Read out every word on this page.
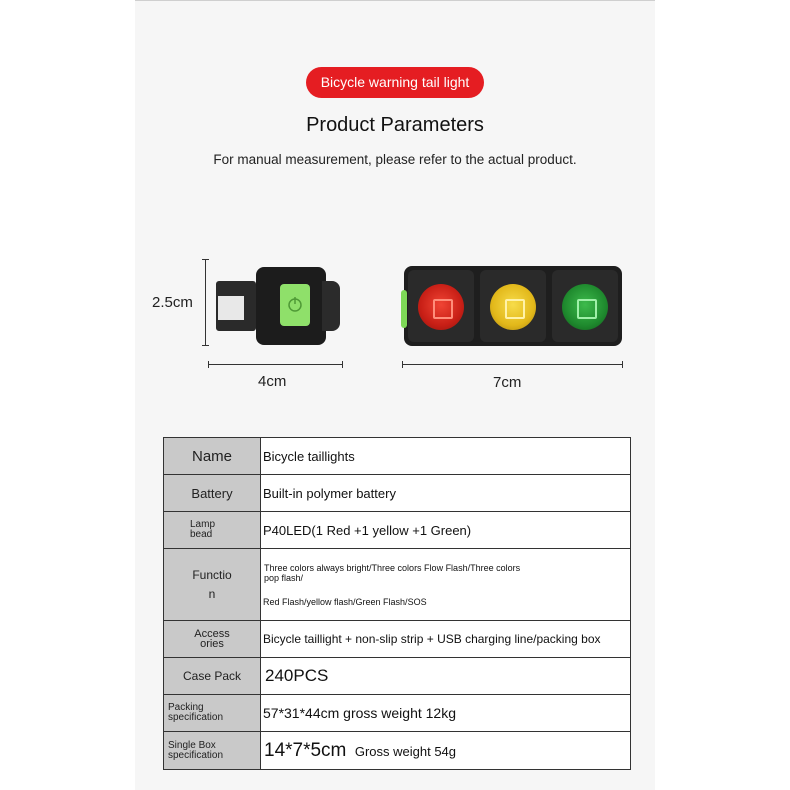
Bicycle warning tail light
Product Parameters
For manual measurement, please refer to the actual product.
2.5cm
4cm	7cm
Name	Bicycle taillights
Battery	Built-in polymer battery

Lamp bead	P40LED(1 Red +1 yellow +1 Green)

Functio n	Three colors always bright/Three colors Flow Flash/Three colors pop flash/
Red Flash/yellow flash/Green Flash/SOS

Access ories	Bicycle taillight + non-slip strip + USB charging line/packing box
Case Pack	240PCS

Packing specification	57*31*44cm gross weight 12kg

Single Box specification	14*7*5cm Gross weight 54g
